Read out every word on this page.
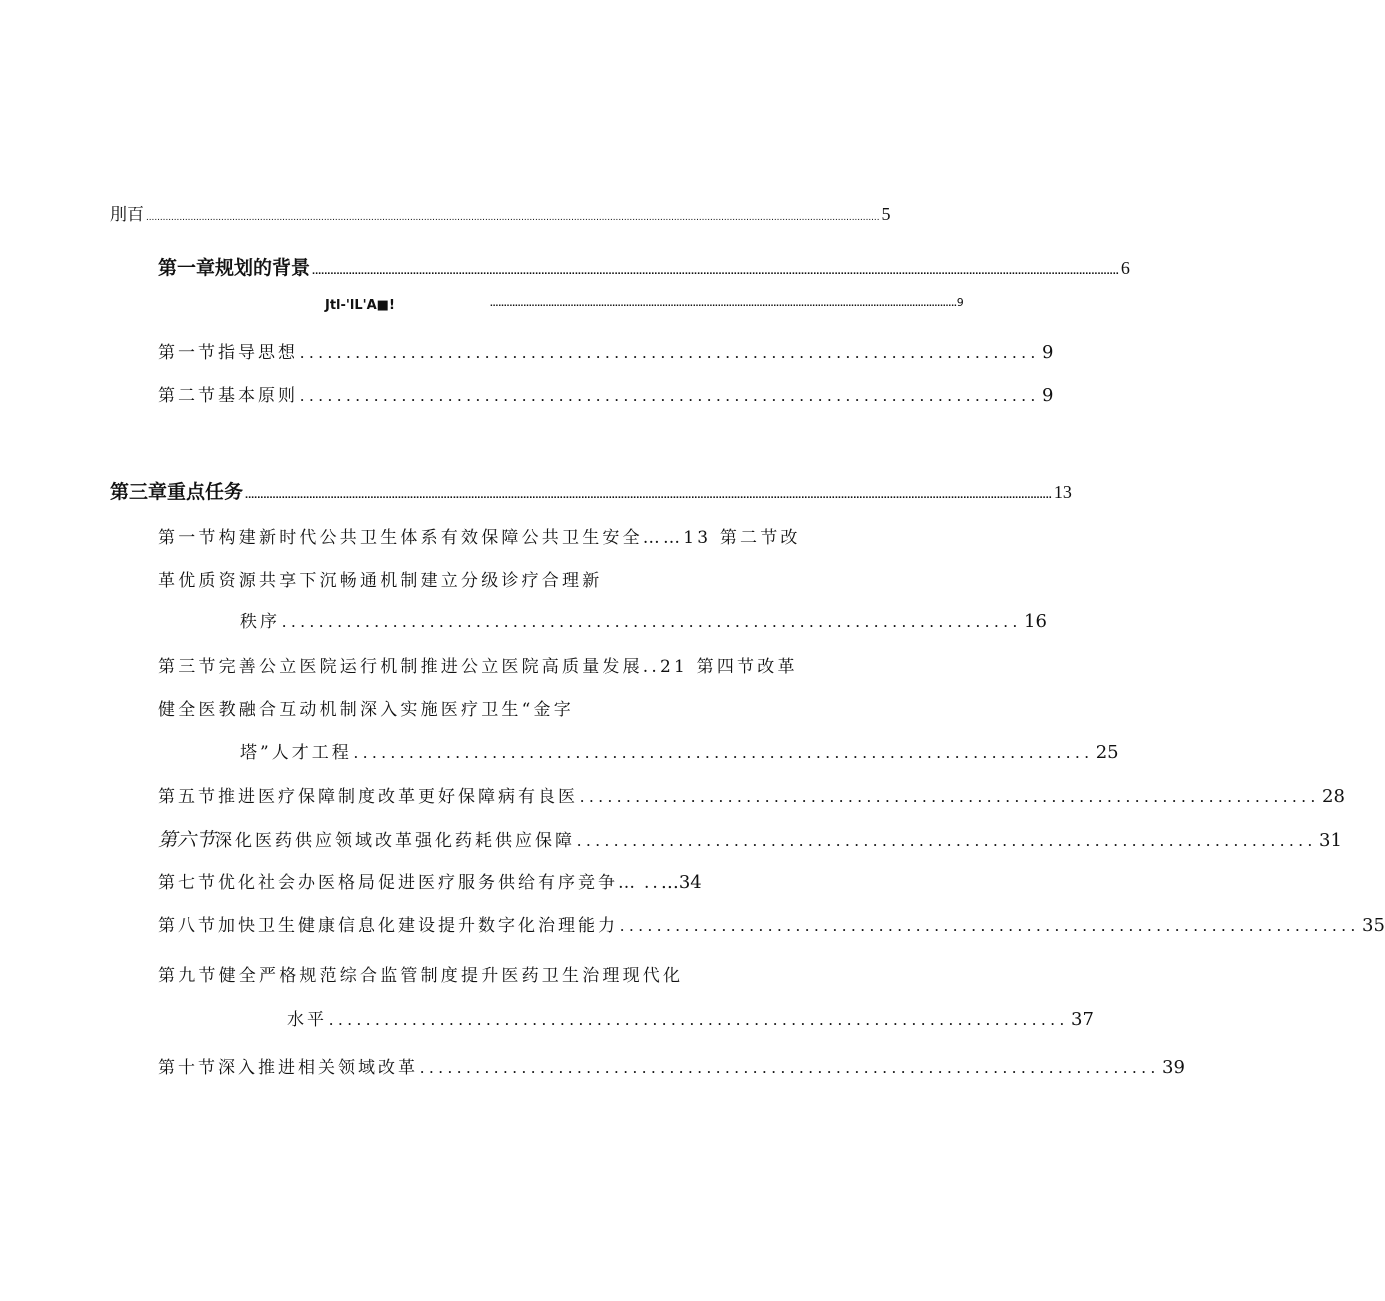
刖百 ........................................................................................................................................................................................................................................................................ 5
第一章规划的背景 ........................................................................................................................................................................................................................................................................ 6
Jtl-'lL'A■!	........................................................................................................................................................................ 9
第一节指导思想 ................................................................................ 9
第二节基本原则 ................................................................................ 9
第三章重点任务 ........................................................................................................................................................................................................................................................................ 13
第一节构建新时代公共卫生体系有效保障公共卫生安全……13 第二节改
革优质资源共享下沉畅通机制建立分级诊疗合理新
秩序 ................................................................................ 16
第三节完善公立医院运行机制推进公立医院高质量发展..21 第四节改革
健全医教融合互动机制深入实施医疗卫生“金字
塔”人才工程 ................................................................................ 25
第五节推进医疗保障制度改革更好保障病有良医 ................................................................................ 28
第六节 深化医药供应领域改革强化药耗供应保障 ................................................................................ 31
第七节优化社会办医格局促进医疗服务供给有序竞争… .. …34
第八节加快卫生健康信息化建设提升数字化治理能力 ................................................................................ 35
第九节健全严格规范综合监管制度提升医药卫生治理现代化
水平 ................................................................................ 37
第十节深入推进相关领域改革 ................................................................................ 39
